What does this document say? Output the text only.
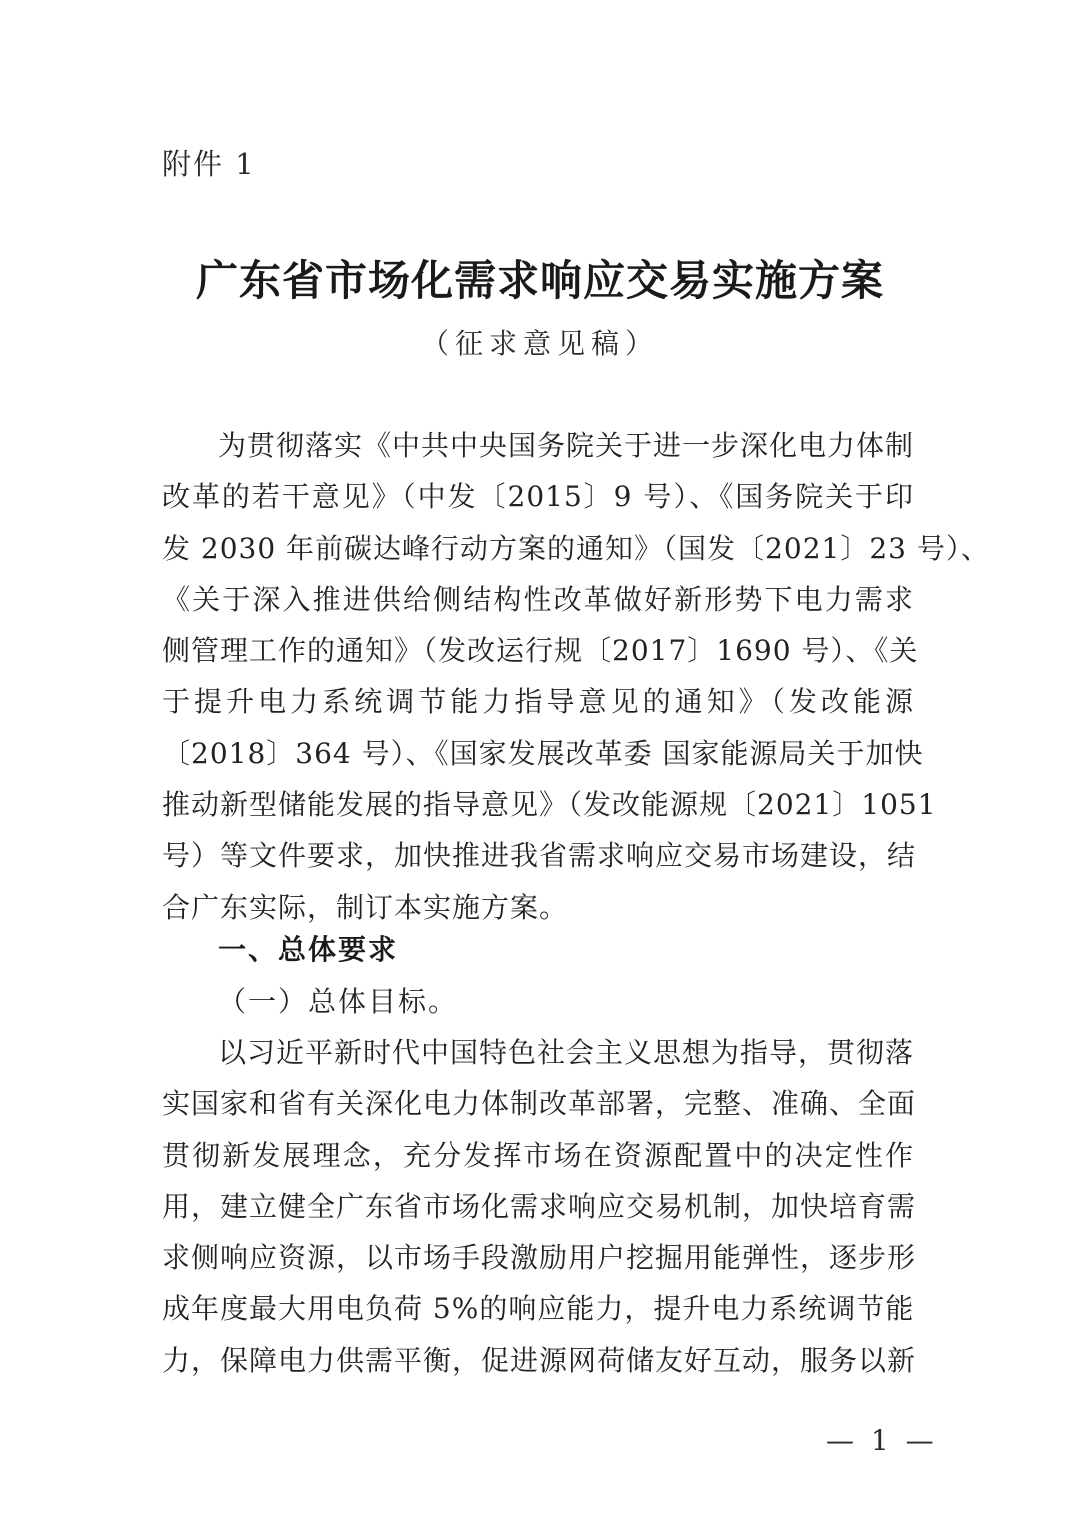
附件 1
广东省市场化需求响应交易实施方案
（征求意见稿）
为贯彻落实《中共中央国务院关于进一步深化电力体制
改革的若干意见》（中发〔2015〕9 号）、《国务院关于印
发 2030 年前碳达峰行动方案的通知》（国发〔2021〕23 号）、
《关于深入推进供给侧结构性改革做好新形势下电力需求
侧管理工作的通知》（发改运行规〔2017〕1690 号）、《关
于提升电力系统调节能力指导意见的通知》（发改能源
〔2018〕364 号）、《国家发展改革委 国家能源局关于加快
推动新型储能发展的指导意见》（发改能源规〔2021〕1051
号）等文件要求，加快推进我省需求响应交易市场建设，结
合广东实际，制订本实施方案。
一、总体要求
（一）总体目标。
以习近平新时代中国特色社会主义思想为指导，贯彻落
实国家和省有关深化电力体制改革部署，完整、准确、全面
贯彻新发展理念，充分发挥市场在资源配置中的决定性作
用，建立健全广东省市场化需求响应交易机制，加快培育需
求侧响应资源，以市场手段激励用户挖掘用能弹性，逐步形
成年度最大用电负荷 5%的响应能力，提升电力系统调节能
力，保障电力供需平衡，促进源网荷储友好互动，服务以新
— 1 —
